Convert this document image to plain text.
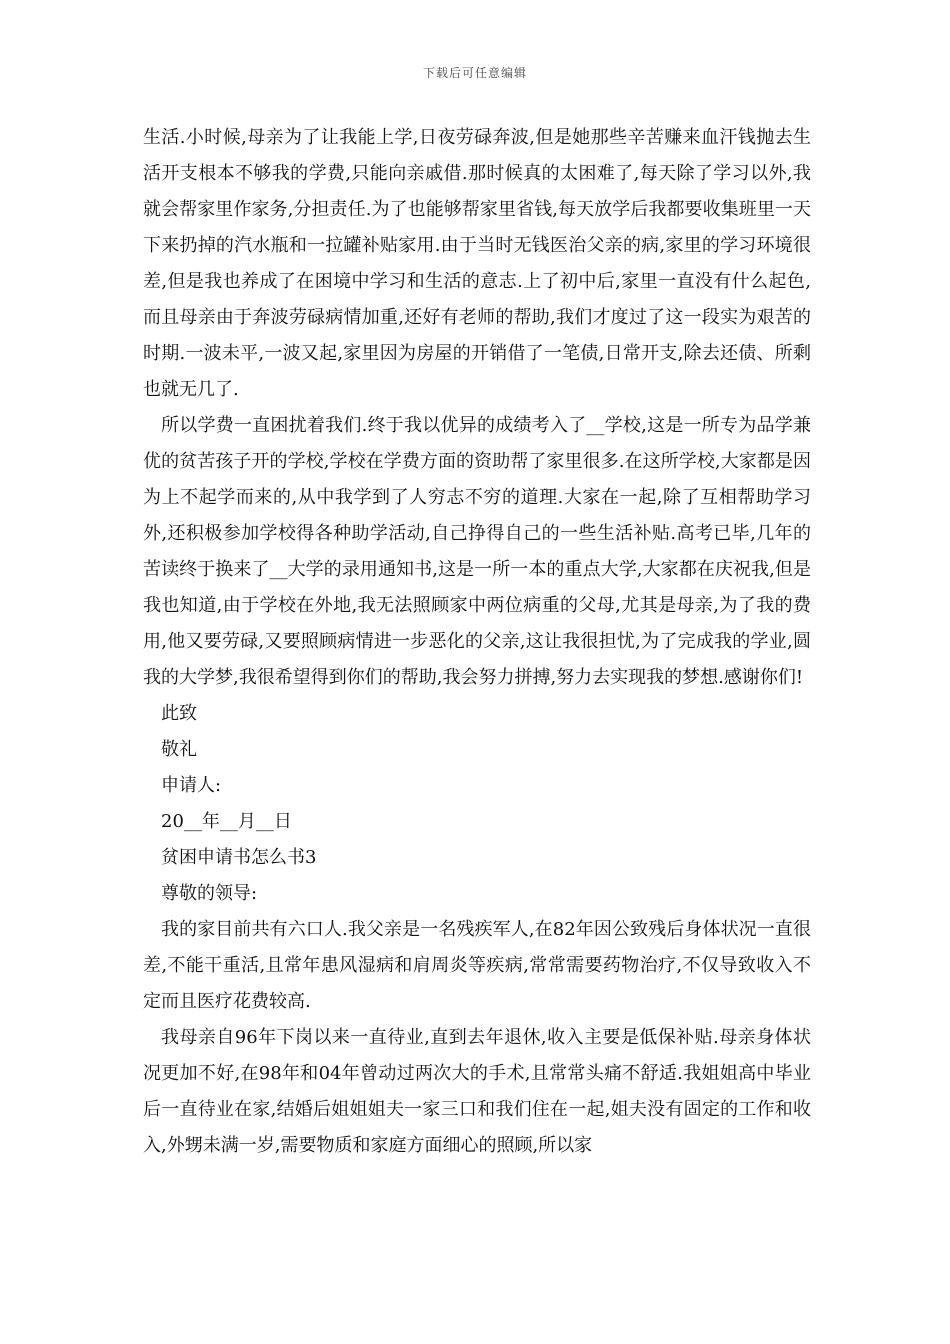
下载后可任意编辑

生活.小时候,母亲为了让我能上学,日夜劳碌奔波,但是她那些辛苦赚来血汗钱抛去生活开支根本不够我的学费,只能向亲戚借.那时候真的太困难了,每天除了学习以外,我就会帮家里作家务,分担责任.为了也能够帮家里省钱,每天放学后我都要收集班里一天下来扔掉的汽水瓶和一拉罐补贴家用.由于当时无钱医治父亲的病,家里的学习环境很差,但是我也养成了在困境中学习和生活的意志.上了初中后,家里一直没有什么起色,而且母亲由于奔波劳碌病情加重,还好有老师的帮助,我们才度过了这一段实为艰苦的时期.一波未平,一波又起,家里因为房屋的开销借了一笔债,日常开支,除去还债、所剩也就无几了.

所以学费一直困扰着我们.终于我以优异的成绩考入了__学校,这是一所专为品学兼优的贫苦孩子开的学校,学校在学费方面的资助帮了家里很多.在这所学校,大家都是因为上不起学而来的,从中我学到了人穷志不穷的道理.大家在一起,除了互相帮助学习外,还积极参加学校得各种助学活动,自己挣得自己的一些生活补贴.高考已毕,几年的苦读终于换来了__大学的录用通知书,这是一所一本的重点大学,大家都在庆祝我,但是我也知道,由于学校在外地,我无法照顾家中两位病重的父母,尤其是母亲,为了我的费用,他又要劳碌,又要照顾病情进一步恶化的父亲,这让我很担忧,为了完成我的学业,圆我的大学梦,我很希望得到你们的帮助,我会努力拼搏,努力去实现我的梦想.感谢你们!

此致

敬礼

申请人:

20__年__月__日

贫困申请书怎么书3

尊敬的领导:

我的家目前共有六口人.我父亲是一名残疾军人,在82年因公致残后身体状况一直很差,不能干重活,且常年患风湿病和肩周炎等疾病,常常需要药物治疗,不仅导致收入不定而且医疗花费较高.

我母亲自96年下岗以来一直待业,直到去年退休,收入主要是低保补贴.母亲身体状况更加不好,在98年和04年曾动过两次大的手术,且常常头痛不舒适.我姐姐高中毕业后一直待业在家,结婚后姐姐姐夫一家三口和我们住在一起,姐夫没有固定的工作和收入,外甥未满一岁,需要物质和家庭方面细心的照顾,所以家
